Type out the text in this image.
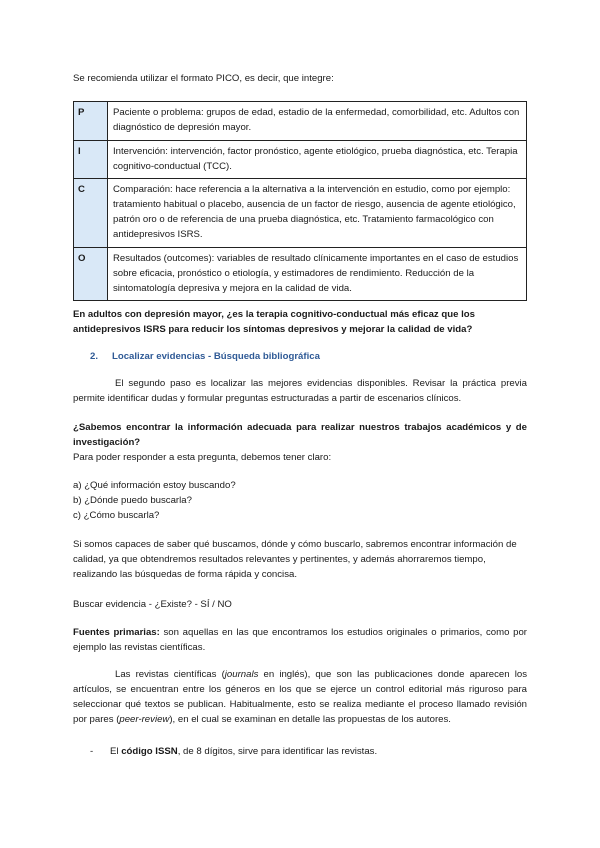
Se recomienda utilizar el formato PICO, es decir, que integre:

P	Paciente o problema: grupos de edad, estadio de la enfermedad, comorbilidad, etc. Adultos con diagnóstico de depresión mayor.
I	Intervención: intervención, factor pronóstico, agente etiológico, prueba diagnóstica, etc. Terapia cognitivo-conductual (TCC).
C	Comparación: hace referencia a la alternativa a la intervención en estudio, como por ejemplo: tratamiento habitual o placebo, ausencia de un factor de riesgo, ausencia de agente etiológico, patrón oro o de referencia de una prueba diagnóstica, etc. Tratamiento farmacológico con antidepresivos ISRS.
O	Resultados (outcomes): variables de resultado clínicamente importantes en el caso de estudios sobre eficacia, pronóstico o etiología, y estimadores de rendimiento. Reducción de la sintomatología depresiva y mejora en la calidad de vida.

En adultos con depresión mayor, ¿es la terapia cognitivo-conductual más eficaz que los antidepresivos ISRS para reducir los síntomas depresivos y mejorar la calidad de vida?

2. Localizar evidencias - Búsqueda bibliográfica

El segundo paso es localizar las mejores evidencias disponibles. Revisar la práctica previa permite identificar dudas y formular preguntas estructuradas a partir de escenarios clínicos.

¿Sabemos encontrar la información adecuada para realizar nuestros trabajos académicos y de investigación?
Para poder responder a esta pregunta, debemos tener claro:
a) ¿Qué información estoy buscando?
b) ¿Dónde puedo buscarla?
c) ¿Cómo buscarla?

Si somos capaces de saber qué buscamos, dónde y cómo buscarlo, sabremos encontrar información de calidad, ya que obtendremos resultados relevantes y pertinentes, y además ahorraremos tiempo, realizando las búsquedas de forma rápida y concisa.

Buscar evidencia - ¿Existe? - SÍ / NO

Fuentes primarias: son aquellas en las que encontramos los estudios originales o primarios, como por ejemplo las revistas científicas.

Las revistas científicas (journals en inglés), que son las publicaciones donde aparecen los artículos, se encuentran entre los géneros en los que se ejerce un control editorial más riguroso para seleccionar qué textos se publican. Habitualmente, esto se realiza mediante el proceso llamado revisión por pares (peer-review), en el cual se examinan en detalle las propuestas de los autores.

- El código ISSN, de 8 dígitos, sirve para identificar las revistas.
